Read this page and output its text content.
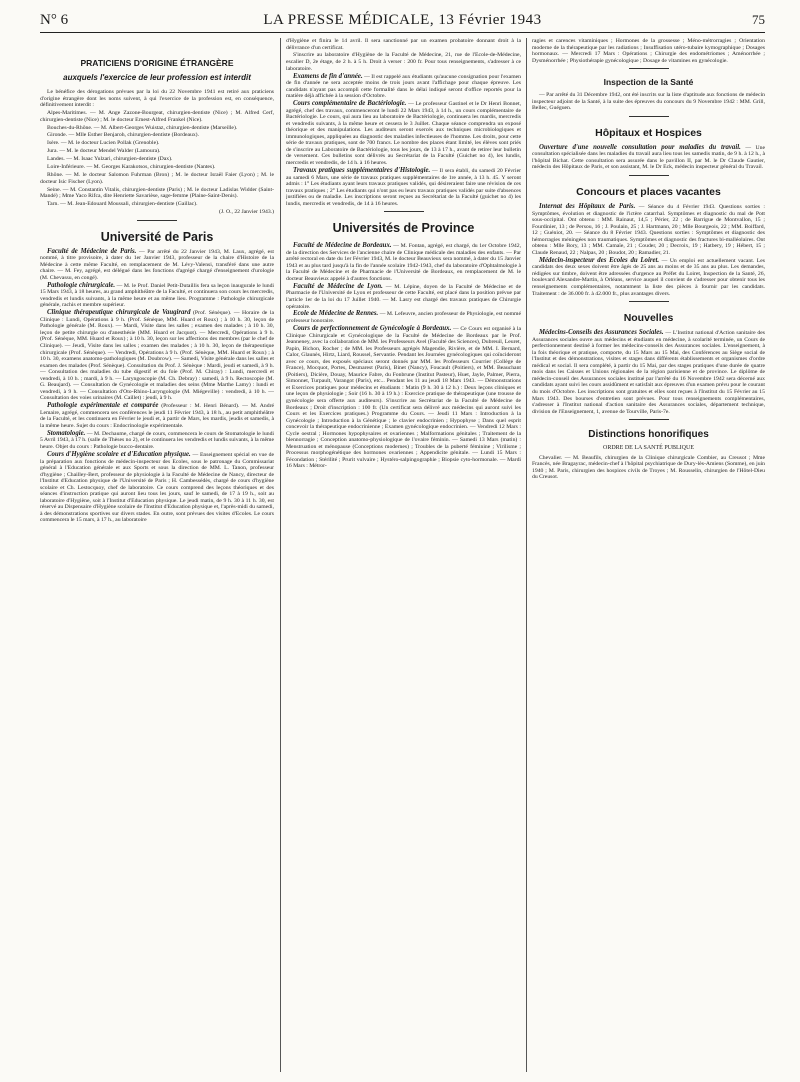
N° 6	LA PRESSE MÉDICALE, 13 Février 1943	75
PRATICIENS D'ORIGINE ÉTRANGÈRE
auxquels l'exercice de leur profession est interdit

Le bénéfice des dérogations prévues par la loi du 22 Novembre 1941 est retiré aux praticiens d'origine étrangère dont les noms suivent, à qui l'exercice de la profession est, en conséquence, définitivement interdit :

Alpes-Maritimes. — M. Ange Zazone-Bourgeat, chirurgien-dentiste (Nice) ; M. Alfred Cerf, chirurgien-dentiste (Nice) ; M. le docteur Ernest-Alfred Frankel (Nice).

Bouches-du-Rhône. — M. Albert-Georges Wuistaz, chirurgien-dentiste (Marseille).

Gironde. — Mlle Esther Benjaroh, chirurgien-dentiste (Bordeaux).

Isère. — M. le docteur Lucien Pollak (Grenoble).

Jura. — M. le docteur Mendel Walder (Lamoura).

Landes. — M. Isaac Yulzari, chirurgien-dentiste (Dax).

Loire-Inférieure. — M. Georges Karakotsos, chirurgien-dentiste (Nantes).

Rhône. — M. le docteur Salomon Fuhrman (Bron) ; M. le docteur Israël Faier (Lyon) ; M. le docteur Isic Fischer (Lyon).

Seine. — M. Constantin Vitalis, chirurgien-dentiste (Paris) ; M. le docteur Ladislas Widder (Saint-Mandé) ; Mme Yaco Rifca, dite Henriette Savarièse, sage-femme (Plaine-Saint-Denis).

Tarn. — M. Jean-Edouard Moussali, chirurgien-dentiste (Gaillac).

(J. O., 22 Janvier 1943.)

Université de Paris

Faculté de Médecine de Paris. — Par arrêté du 22 Janvier 1943, M. Laux, agrégé, est nommé, à titre provisoire, à dater du 1er Janvier 1943, professeur de la chaire d'Histoire de la Médecine à cette même Faculté, en remplacement de M. Lévy-Valensi, transféré dans une autre chaire. — M. Fey, agrégé, est délégué dans les fonctions d'agrégé chargé d'enseignement d'urologie (M. Chevassu, en congé).

Pathologie chirurgicale. — M. le Prof. Daniel Petit-Dutaillis fera sa leçon inaugurale le lundi 15 Mars 1943, à 18 heures, au grand amphithéâtre de la Faculté, et continuera son cours les mercredis, vendredis et lundis suivants, à la même heure et au même lieu. Programme : Pathologie chirurgicale générale, rachis et membre supérieur.

Clinique thérapeutique chirurgicale de Vaugirard (Prof. Sénèque). — Horaire de la Clinique : Lundi, Opérations à 9 h. (Prof. Sénèque, MM. Huard et Roux) ; à 10 h. 30, leçon de Pathologie générale (M. Roux). — Mardi, Visite dans les salles ; examen des malades ; à 10 h. 30, leçon de petite chirurgie ou d'anesthésie (MM. Huard et Jacquot). — Mercredi, Opérations à 9 h. (Prof. Sénèque, MM. Huard et Roux) ; à 10 h. 30, leçon sur les affections des membres (par le chef de Clinique). — Jeudi, Visite dans les salles ; examen des malades ; à 10 h. 30, leçon de thérapeutique chirurgicale (Prof. Sénèque). — Vendredi, Opérations à 9 h. (Prof. Sénèque, MM. Huard et Roux) ; à 10 h. 30, examens anatomo-pathologiques (M. Doubrow). — Samedi, Visite générale dans les salles et examen des malades (Prof. Sénèque). Consultation du Prof. J. Sénèque : Mardi, jeudi et samedi, à 9 h. — Consultation des maladies du tube digestif et du foie (Prof. M. Chiray) : Lundi, mercredi et vendredi, à 10 h. ; mardi, à 9 h. — Laryngoscopie (M. Ch. Debray) : samedi, à 9 h. Rectoscopie (M. G. Beaujard). — Consultation de Gynécologie et maladies des seins (Mme Marthe Lamy) : lundi et vendredi, à 9 h. — Consultation d'Oto-Rhino-Laryngologie (M. Miégeville) : vendredi, à 10 h. — Consultation des voies urinaires (M. Caillet) : jeudi, à 9 h.

Pathologie expérimentale et comparée (Professeur : M. Henri Bénard). — M. André Lemaire, agrégé, commencera ses conférences le jeudi 11 Février 1943, à 18 h., au petit amphithéâtre de la Faculté, et les continuera en Février le jeudi et, à partir de Mars, les mardis, jeudis et samedis, à la même heure. Sujet du cours : Endocrinologie expérimentale.

Stomatologie. — M. Dechaume, chargé de cours, commencera le cours de Stomatologie le lundi 5 Avril 1943, à 17 h. (salle de Thèses no 2), et le continuera les vendredis et lundis suivants, à la même heure. Objet du cours : Pathologie bucco-dentaire.

Cours d'Hygiène scolaire et d'Education physique. — Enseignement spécial en vue de la préparation aux fonctions de médecin-inspecteur des Ecoles, sous le patronage du Commissariat général à l'Education générale et aux Sports et sous la direction de MM. L. Tanon, professeur d'hygiène ; Chailley-Bert, professeur de physiologie à la Faculté de Médecine de Nancy, directeur de l'Institut d'Education physique de l'Université de Paris ; H. Cambessédès, chargé de cours d'hygiène scolaire et Ch. Lestocquoy, chef de laboratoire. Ce cours comprend des leçons théoriques et des séances d'instruction pratique qui auront lieu tous les jours, sauf le samedi, de 17 à 19 h., soit au laboratoire d'Hygiène, soit à l'Institut d'Education physique. Le jeudi matin, de 9 h. 30 à 11 h. 30, est réservé au Dispensaire d'Hygiène scolaire de l'Institut d'Education physique et, l'après-midi du samedi, à des démonstrations sportives sur divers stades. En outre, sont prévues des visites d'Ecoles. Le cours commencera le 15 mars, à 17 h., au laboratoire

d'Hygiène et finira le 14 avril. Il sera sanctionné par un examen probatoire donnant droit à la délivrance d'un certificat.

S'inscrire au laboratoire d'Hygiène de la Faculté de Médecine, 21, rue de l'Ecole-de-Médecine, escalier D, 2e étage, de 2 h. à 5 h. Droit à verser : 200 fr. Pour tous renseignements, s'adresser à ce laboratoire.

Examens de fin d'année. — Il est rappelé aux étudiants qu'aucune consignation pour l'examen de fin d'année ne sera acceptée moins de trois jours avant l'affichage pour chaque épreuve. Les candidats n'ayant pas accompli cette formalité dans le délai indiqué seront d'office reportés pour la matière déjà affichée à la session d'Octobre.

Cours complémentaire de Bactériologie. — Le professeur Gastinel et le Dr Henri Bonnet, agrégé, chef des travaux, commenceront le lundi 22 Mars 1943, à 14 h., un cours complémentaire de Bactériologie. Le cours, qui aura lieu au laboratoire de Bactériologie, continuera les mardis, mercredis et vendredis suivants, à la même heure et cessera le 3 Juillet. Chaque séance comprendra un exposé théorique et des manipulations. Les auditeurs seront exercés aux techniques microbiologiques et immunologiques, appliquées au diagnostic des maladies infectieuses de l'homme. Les droits, pour cette série de travaux pratiques, sont de 700 francs. Le nombre des places étant limité, les élèves sont priés de s'inscrire au Laboratoire de Bactériologie, tous les jours, de 13 à 17 h., avant de retirer leur bulletin de versement. Ces bulletins sont délivrés au Secrétariat de la Faculté (Guichet no 4), les lundis, mercredis et vendredis, de 14 h. à 16 heures.

Travaux pratiques supplémentaires d'Histologie. — Il sera établi, du samedi 20 Février au samedi 6 Mars, une série de travaux pratiques supplémentaires de 1re année, à 13 h. 45. Y seront admis : 1° Les étudiants ayant leurs travaux pratiques validés, qui désireraient faire une révision de ces travaux pratiques ; 2° Les étudiants qui n'ont pas eu leurs travaux pratiques validés par suite d'absences justifiées ou de maladie. Les inscriptions seront reçues au Secrétariat de la Faculté (guichet no 4) les lundis, mercredis et vendredis, de 14 à 16 heures.

Universités de Province

Faculté de Médecine de Bordeaux. — M. Fontan, agrégé, est chargé, du 1er Octobre 1942, de la direction des Services de l'ancienne chaire de Clinique médicale des maladies des enfants. — Par arrêté rectoral en date du 1er Février 1943, M. le docteur Beauvieux sera nommé, à dater du 15 Janvier 1943 et au plus tard jusqu'à la fin de l'année scolaire 1942-1943, chef du laboratoire d'Ophtalmologie à la Faculté de Médecine et de Pharmacie de l'Université de Bordeaux, en remplacement de M. le docteur Beauvieux appelé à d'autres fonctions.

Faculté de Médecine de Lyon. — M. Lépine, doyen de la Faculté de Médecine et de Pharmacie de l'Université de Lyon et professeur de cette Faculté, est placé dans la position prévue par l'article 1er de la loi du 17 Juillet 1940. — M. Lasry est chargé des travaux pratiques de Chirurgie opératoire.

Ecole de Médecine de Rennes. — M. Lefeuvre, ancien professeur de Physiologie, est nommé professeur honoraire.

Cours de perfectionnement de Gynécologie à Bordeaux. — Ce Cours est organisé à la Clinique Chirurgicale et Gynécologique de la Faculté de Médecine de Bordeaux par le Prof. Jeanneney, avec la collaboration de MM. les Professeurs Avel (Faculté des Sciences), Dubreuil, Leuret, Papin, Bichon, Rocher ; de MM. les Professeurs agrégés Magendie, Rivière, et de MM. I. Bernard, Calor, Glaunès, Hirtz, Liard, Roussel, Servantie. Pendant les Journées gynécologiques qui coïncideront avec ce cours, des exposés spéciaux seront donnés par MM. les Professeurs Courrier (Collège de France), Mocquot, Portes, Desmarest (Paris), Binet (Nancy), Foucault (Poitiers), et MM. Beauchant (Poitiers), Dicière, Douay, Maurice Fabre, du Fonbrune (Institut Pasteur), Huet, Jayle, Palmer, Pierra, Simonnet, Turpault, Varangot (Paris), etc... Pendant les 11 au jeudi 18 Mars 1943. — Démonstrations et Exercices pratiques pour médecins et étudiants : Matin (9 h. 30 à 12 h.) : Deux leçons cliniques et une leçon de physiologie ; Soir (16 h. 30 à 19 h.) : Exercice pratique de thérapeutique (une trousse de gynécologie sera offerte aux auditeurs). S'inscrire au Secrétariat de la Faculté de Médecine de Bordeaux ; Droit d'inscription : 100 fr. (Un certificat sera délivré aux médecins qui auront suivi les Cours et les Exercices pratiques.) Programme du Cours. — Jeudi 11 Mars : Introduction à la Gynécologie ; Introduction à la Génétique ; le clavier endocrinien ; Hypophyse ; Dans quel esprit concevoir la thérapeutique endocrinienne ; Examen gynécologique endocrinien. — Vendredi 12 Mars : Cycle oestral ; Hormones hypophysaires et ovariennes ; Malformations génitales ; Traitement de la blennorragie ; Conception anatomo-physiologique de l'ovaire féminin. — Samedi 13 Mars (matin) : Menstruation et ménopause (Conceptions modernes) ; Troubles de la puberté féminine ; Virilisme ; Processus morphogénétique des hormones ovariennes ; Appendicite génitale. — Lundi 15 Mars : Fécondation ; Stérilité ; Prurit vulvaire ; Hystéro-salpingographie ; Biopsie cyto-hormonale. — Mardi 16 Mars : Métror-

ragies et carences vitaminiques ; Hormones de la grossesse ; Méno-métrorragies ; Orientation moderne de la thérapeutique par les radiations ; Insuffisation utéro-tubaire kymographique ; Dosages hormonaux. — Mercredi 17 Mars : Opérations ; Chirurgie des endométriomes ; Aménorrhée ; Dysménorrhée ; Physiothérapie gynécologique ; Dosage de vitamines en gynécologie.

Inspection de la Santé

— Par arrêté du 31 Décembre 1942, ont été inscrits sur la liste d'aptitude aux fonctions de médecin inspecteur adjoint de la Santé, à la suite des épreuves du concours du 9 Novembre 1942 : MM. Grill, Bellec, Guéguen.

Hôpitaux et Hospices

Ouverture d'une nouvelle consultation pour maladies du travail. — Une consultation spécialisée dans les maladies du travail aura lieu tous les samedis matin, de 9 h. à 12 h., à l'hôpital Bichat. Cette consultation sera assurée dans le pavillon II, par M. le Dr Claude Gautier, médecin des Hôpitaux de Paris, et son assistant, M. le Dr Eck, médecin inspecteur général du Travail.

Concours et places vacantes

Internat des Hôpitaux de Paris. — Séance du 4 Février 1943. Questions sorties : Symptômes, évolution et diagnostic de l'ictère catarrhal. Symptômes et diagnostic du mal de Pott sous-occipital. Ont obtenu : MM. Rainaut, 14,5 ; Périer, 22 ; de Barrigue de Montvallon, 15 ; Fourdinier, 13 ; de Persou, 16 ; J. Poulain, 25 ; J. Hartmann, 20 ; Mlle Bourgeois, 22 ; MM. Boiffard, 12 ; Guéniot, 20. — Séance du 8 Février 1943. Questions sorties : Symptômes et diagnostic des hémorragies méningées non traumatiques. Symptômes et diagnostic des fractures bi-malléolaires. Ont obtenu : Mlle Bory, 13 ; MM. Camaïe, 21 ; Couder, 20 ; Decroix, 19 ; Hatbery, 19 ; Hébert, 15 ; Claude Renaud, 22 ; Nalpas, 20 ; Boudot, 20 ; Ramadier, 21.

Médecin-inspecteur des Ecoles du Loiret. — Un emploi est actuellement vacant. Les candidats des deux sexes doivent être âgés de 25 ans au moins et de 35 ans au plus. Les demandes, rédigées sur timbre, doivent être adressées d'urgence au Préfet du Loiret, Inspection de la Santé, 26, boulevard Alexandre-Martin, à Orléans, service auquel il convient de s'adresser pour obtenir tous les renseignements complémentaires, notamment la liste des pièces à fournir par les candidats. Traitement : de 36.000 fr. à 42.000 fr., plus avantages divers.

Nouvelles

Médecins-Conseils des Assurances Sociales. — L'Institut national d'Action sanitaire des Assurances sociales ouvre aux médecins et étudiants en médecine, à scolarité terminée, un Cours de perfectionnement destiné à former les médecins-conseils des Assurances sociales. L'enseignement, à la fois théorique et pratique, comporte, du 15 Mars au 15 Mai, des Conférences au Siège social de l'Institut et des démonstrations, visites et stages dans différents établissements et organismes d'ordre médical et social. Il sera complété, à partir du 15 Mai, par des stages pratiques d'une durée de quatre mois dans les Caisses et Unions régionales de la région parisienne et de province. Le diplôme de médecin-conseil des Assurances sociales institué par l'arrêté du 16 Novembre 1942 sera décerné aux candidats ayant suivi les cours assidûment et satisfait aux épreuves d'un examen prévu pour le courant du mois d'Octobre. Les inscriptions sont gratuites et elles sont reçues à l'Institut du 15 Février au 15 Mars 1943. Des bourses d'entretien sont prévues. Pour tous renseignements complémentaires, s'adresser à l'Institut national d'action sanitaire des Assurances sociales, département technique, division de l'Enseignement, 1, avenue de Tourville, Paris-7e.

Distinctions honorifiques
ORDRE DE LA SANTÉ PUBLIQUE

Chevalier. — M. Beaufils, chirurgien de la Clinique chirurgicale Combier, au Creusot ; Mme Francès, née Bragayrac, médecin-chef à l'hôpital psychiatrique de Dury-lès-Amiens (Somme), en juin 1940 ; M. Paris, chirurgien des hospices civils de Troyes ; M. Rousselin, chirurgien de l'Hôtel-Dieu du Creusot.
